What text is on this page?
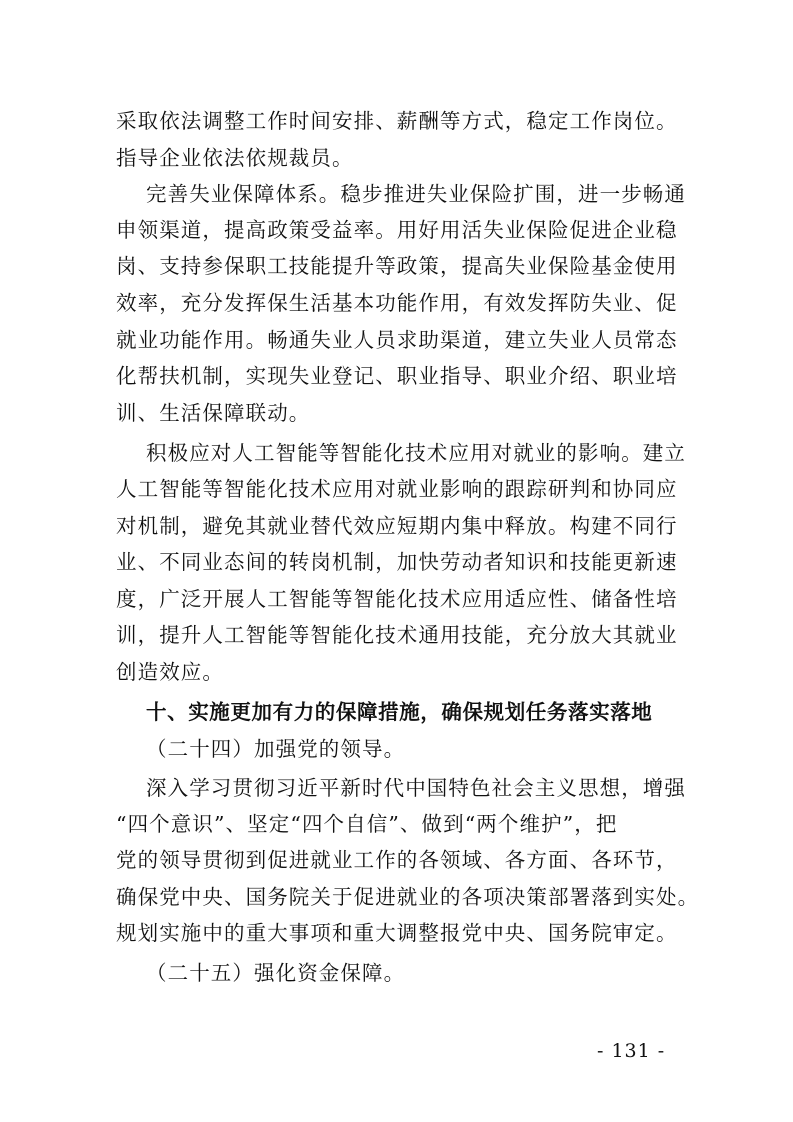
采取依法调整工作时间安排、薪酬等方式，稳定工作岗位。
指导企业依法依规裁员。
完善失业保障体系。稳步推进失业保险扩围，进一步畅通
申领渠道，提高政策受益率。用好用活失业保险促进企业稳
岗、支持参保职工技能提升等政策，提高失业保险基金使用
效率，充分发挥保生活基本功能作用，有效发挥防失业、促
就业功能作用。畅通失业人员求助渠道，建立失业人员常态
化帮扶机制，实现失业登记、职业指导、职业介绍、职业培
训、生活保障联动。
积极应对人工智能等智能化技术应用对就业的影响。建立
人工智能等智能化技术应用对就业影响的跟踪研判和协同应
对机制，避免其就业替代效应短期内集中释放。构建不同行
业、不同业态间的转岗机制，加快劳动者知识和技能更新速
度，广泛开展人工智能等智能化技术应用适应性、储备性培
训，提升人工智能等智能化技术通用技能，充分放大其就业
创造效应。
十、实施更加有力的保障措施，确保规划任务落实落地
（二十四）加强党的领导。
深入学习贯彻习近平新时代中国特色社会主义思想，增强
“四个意识”、坚定“四个自信”、做到“两个维护”，把
党的领导贯彻到促进就业工作的各领域、各方面、各环节，
确保党中央、国务院关于促进就业的各项决策部署落到实处。
规划实施中的重大事项和重大调整报党中央、国务院审定。
（二十五）强化资金保障。
- 131 -
